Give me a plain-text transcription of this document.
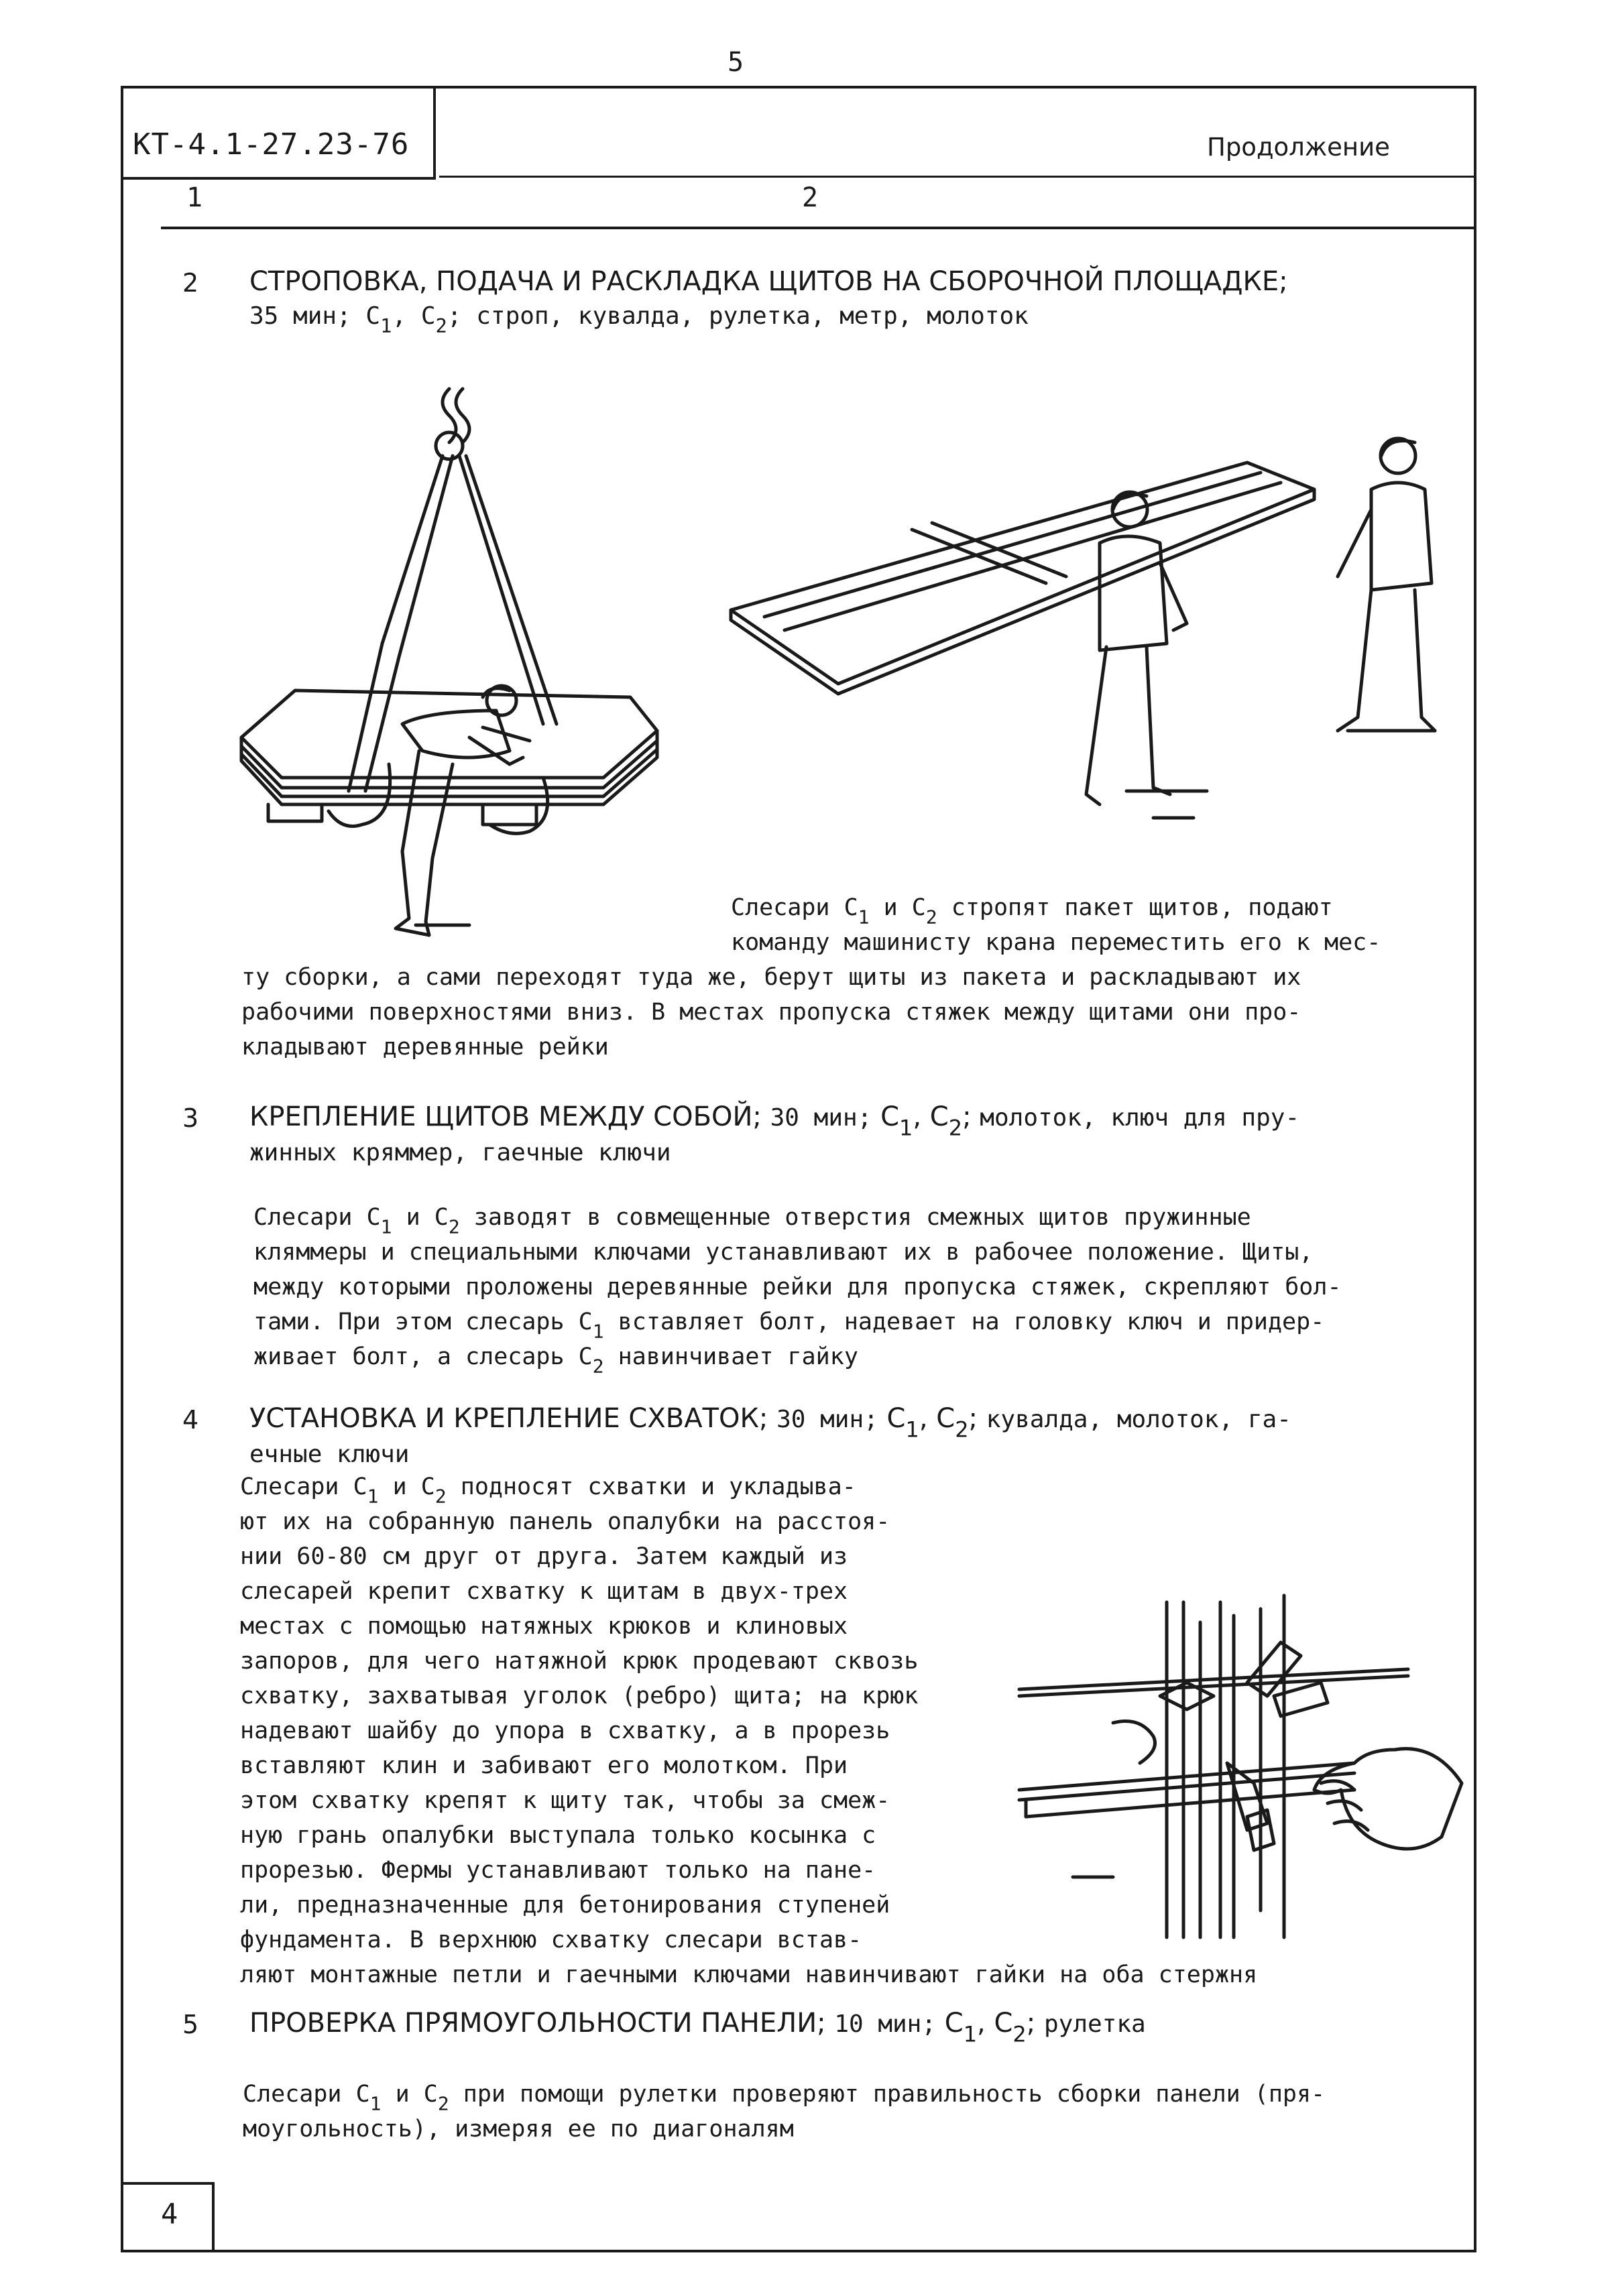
5
КТ-4.1-27.23-76	Продолжение
1	2
2 СТРОПОВКА, ПОДАЧА И РАСКЛАДКА ЩИТОВ НА СБОРОЧНОЙ ПЛОЩАДКЕ;
35 мин; $С_1$, $С_2$; строп, кувалда, рулетка, метр, молоток
Слесари $С_1$ и $С_2$ стропят пакет щитов, подают
команду машинисту крана переместить его к мес-
ту сборки, а сами переходят туда же, берут щиты из пакета и раскладывают их
рабочими поверхностями вниз. В местах пропуска стяжек между щитами они про-
кладывают деревянные рейки
3 КРЕПЛЕНИЕ ЩИТОВ МЕЖДУ СОБОЙ; 30 мин; $С_1$, $С_2$; молоток, ключ для пру-
жинных кряммер, гаечные ключи
Слесари $С_1$ и $С_2$ заводят в совмещенные отверстия смежных щитов пружинные
кляммеры и специальными ключами устанавливают их в рабочее положение. Щиты,
между которыми проложены деревянные рейки для пропуска стяжек, скрепляют бол-
тами. При этом слесарь $С_1$ вставляет болт, надевает на головку ключ и придер-
живает болт, а слесарь $С_2$ навинчивает гайку
4 УСТАНОВКА И КРЕПЛЕНИЕ СХВАТОК; 30 мин; $С_1$, $С_2$; кувалда, молоток, га-
ечные ключи
Слесари $С_1$ и $С_2$ подносят схватки и укладыва-
ют их на собранную панель опалубки на расстоя-
нии 60-80 см друг от друга. Затем каждый из
слесарей крепит схватку к щитам в двух-трех
местах с помощью натяжных крюков и клиновых
запоров, для чего натяжной крюк продевают сквозь
схватку, захватывая уголок (ребро) щита; на крюк
надевают шайбу до упора в схватку, а в прорезь
вставляют клин и забивают его молотком. При
этом схватку крепят к щиту так, чтобы за смеж-
ную грань опалубки выступала только косынка с
прорезью. Фермы устанавливают только на пане-
ли, предназначенные для бетонирования ступеней
фундамента. В верхнюю схватку слесари встав-
ляют монтажные петли и гаечными ключами навинчивают гайки на оба стержня
5 ПРОВЕРКА ПРЯМОУГОЛЬНОСТИ ПАНЕЛИ; 10 мин; $С_1$, $С_2$; рулетка
Слесари $С_1$ и $С_2$ при помощи рулетки проверяют правильность сборки панели (пря-
моугольность), измеряя ее по диагоналям
4
